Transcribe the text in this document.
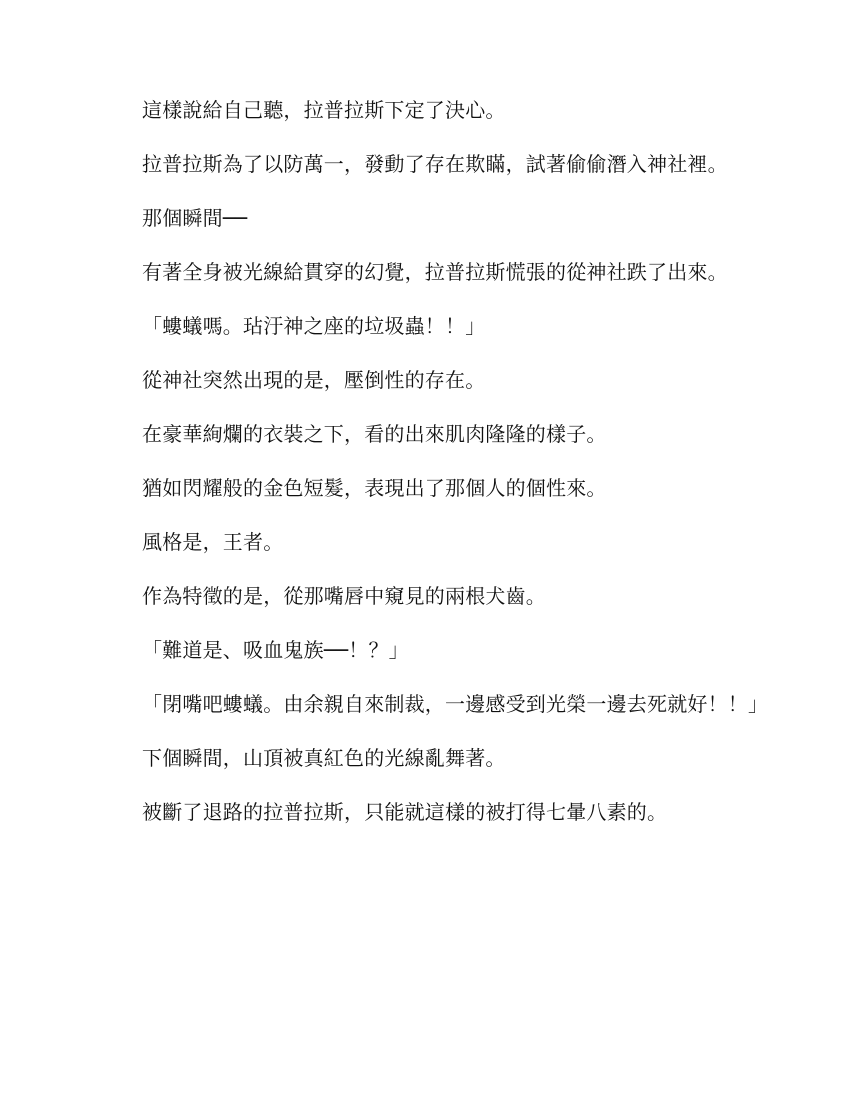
這樣說給自己聽，拉普拉斯下定了決心。

拉普拉斯為了以防萬一，發動了存在欺瞞，試著偷偷潛入神社裡。

那個瞬間──

有著全身被光線給貫穿的幻覺，拉普拉斯慌張的從神社跌了出來。

「螻蟻嗎。玷汙神之座的垃圾蟲！！」

從神社突然出現的是，壓倒性的存在。

在豪華絢爛的衣裝之下，看的出來肌肉隆隆的樣子。

猶如閃耀般的金色短髮，表現出了那個人的個性來。

風格是，王者。

作為特徵的是，從那嘴唇中窺見的兩根犬齒。

「難道是、吸血鬼族──！？」

「閉嘴吧螻蟻。由余親自來制裁，一邊感受到光榮一邊去死就好！！」

下個瞬間，山頂被真紅色的光線亂舞著。

被斷了退路的拉普拉斯，只能就這樣的被打得七暈八素的。
